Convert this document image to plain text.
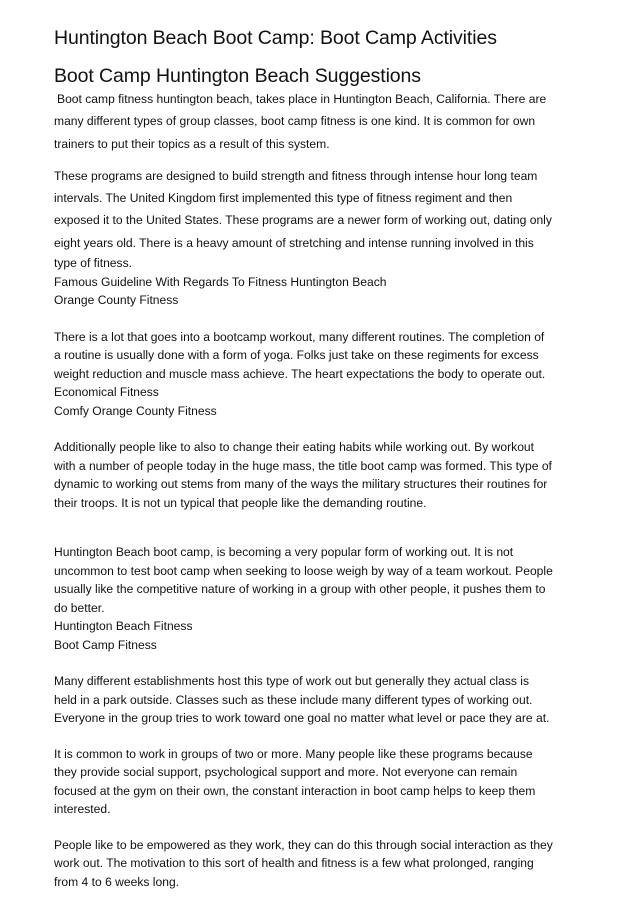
Huntington Beach Boot Camp: Boot Camp Activities
Boot Camp Huntington Beach Suggestions

Boot camp fitness huntington beach, takes place in Huntington Beach, California. There are

many different types of group classes, boot camp fitness is one kind. It is common for own

trainers to put their topics as a result of this system.

These programs are designed to build strength and fitness through intense hour long team

intervals. The United Kingdom first implemented this type of fitness regiment and then

exposed it to the United States. These programs are a newer form of working out, dating only

eight years old. There is a heavy amount of stretching and intense running involved in this

type of fitness.

Famous Guideline With Regards To Fitness Huntington Beach

Orange County Fitness

There is a lot that goes into a bootcamp workout, many different routines. The completion of

a routine is usually done with a form of yoga. Folks just take on these regiments for excess

weight reduction and muscle mass achieve. The heart expectations the body to operate out.

Economical Fitness

Comfy Orange County Fitness

Additionally people like to also to change their eating habits while working out. By workout

with a number of people today in the huge mass, the title boot camp was formed. This type of

dynamic to working out stems from many of the ways the military structures their routines for

their troops. It is not un typical that people like the demanding routine.

Huntington Beach boot camp, is becoming a very popular form of working out. It is not

uncommon to test boot camp when seeking to loose weigh by way of a team workout. People

usually like the competitive nature of working in a group with other people, it pushes them to

do better.

Huntington Beach Fitness

Boot Camp Fitness

Many different establishments host this type of work out but generally they actual class is

held in a park outside. Classes such as these include many different types of working out.

Everyone in the group tries to work toward one goal no matter what level or pace they are at.

It is common to work in groups of two or more. Many people like these programs because

they provide social support, psychological support and more. Not everyone can remain

focused at the gym on their own, the constant interaction in boot camp helps to keep them

interested.

People like to be empowered as they work, they can do this through social interaction as they

work out. The motivation to this sort of health and fitness is a few what prolonged, ranging

from 4 to 6 weeks long.
